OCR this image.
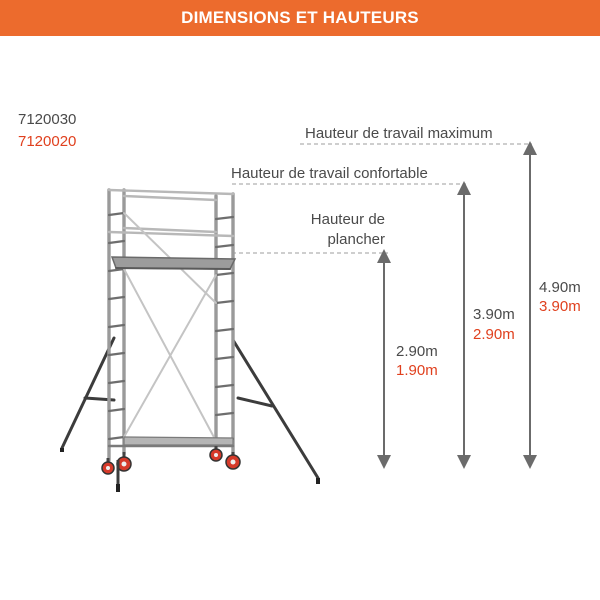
DIMENSIONS ET HAUTEURS
7120030
7120020	Hauteur de travail maximum
Hauteur de travail confortable
Hauteur de
plancher
2.90m
1.90m
3.90m
2.90m
4.90m
3.90m
